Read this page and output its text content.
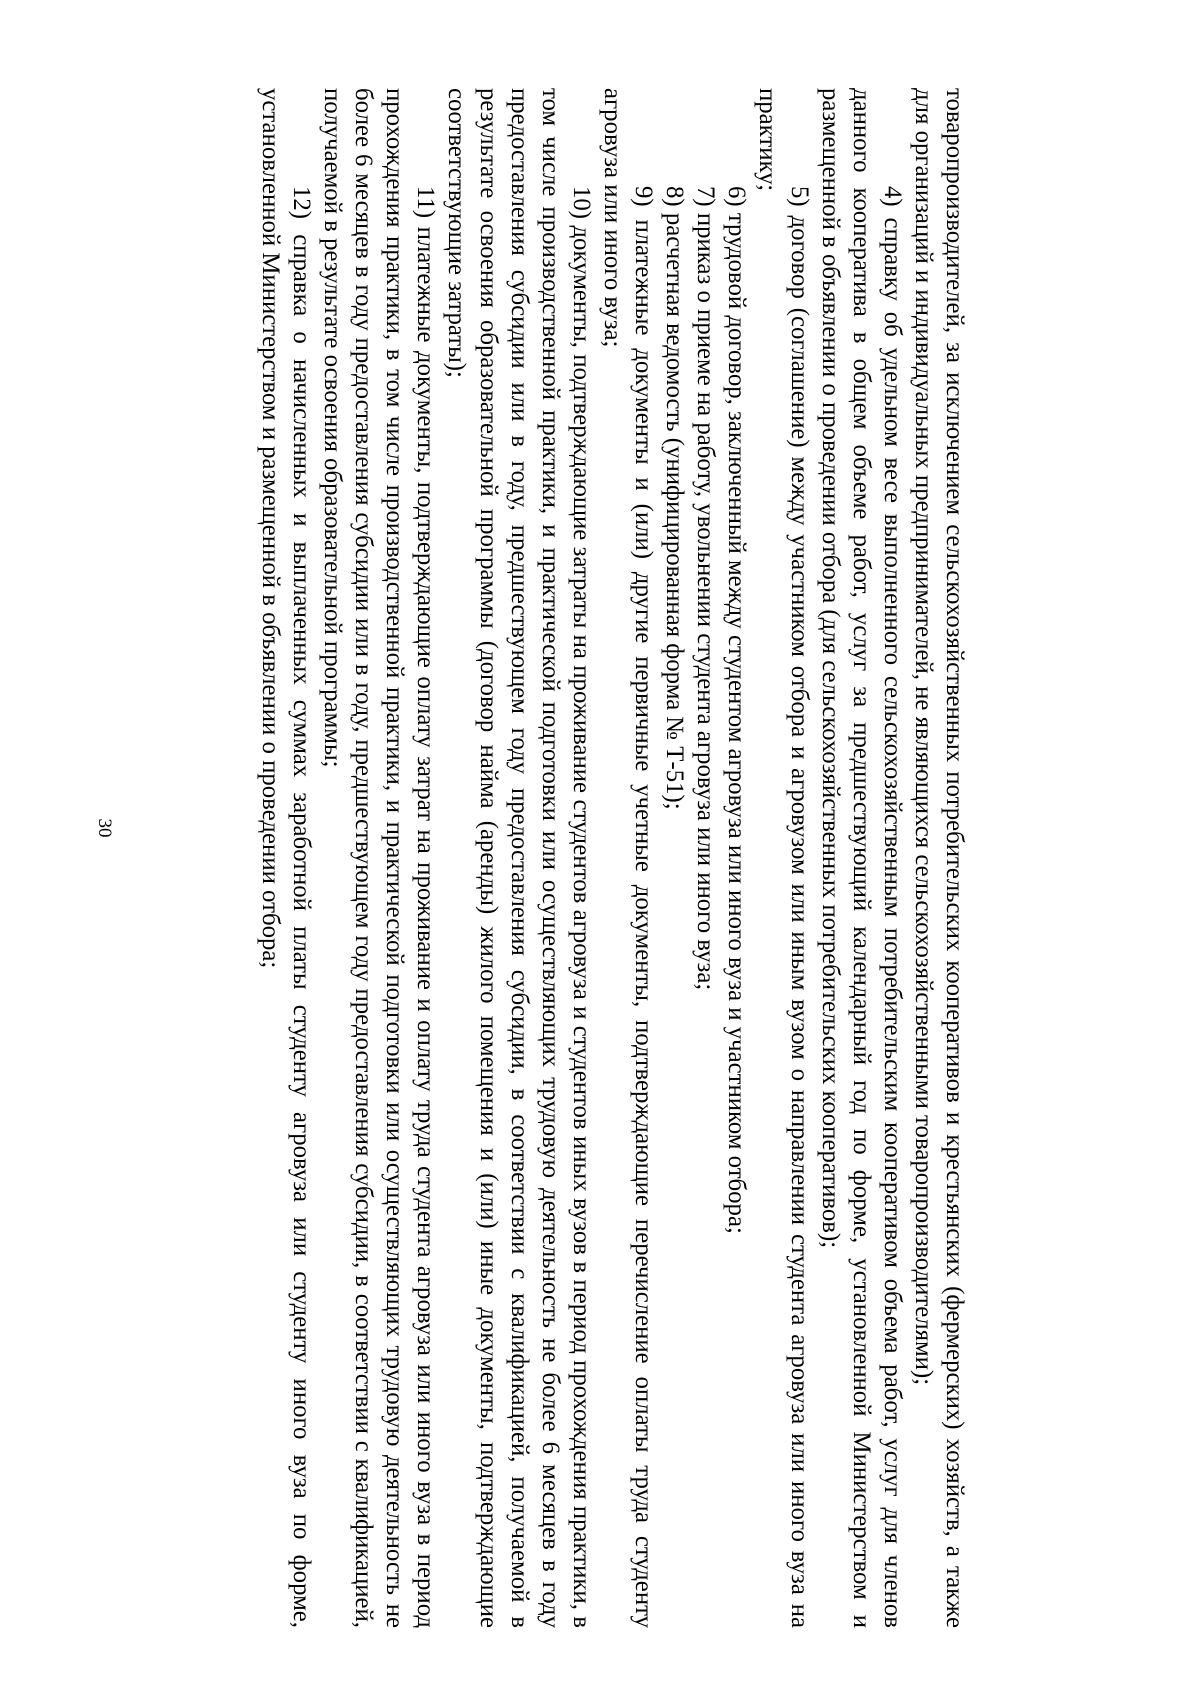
30	товаропроизводителей, за исключением сельскохозяйственных потребительских кооперативов и крестьянских (фермерских) хозяйств, а также для организаций и индивидуальных предпринимателей, не являющихся сельскохозяйственными товаропроизводителями);

4) справку об удельном весе выполненного сельскохозяйственным потребительским кооперативом объема работ, услуг для членов данного кооператива в общем объеме работ, услуг за предшествующий календарный год по форме, установленной Министерством и размещенной в объявлении о проведении отбора (для сельскохозяйственных потребительских кооперативов);

5) договор (соглашение) между участником отбора и агровузом или иным вузом о направлении студента агровуза или иного вуза на практику;

6) трудовой договор, заключенный между студентом агровуза или иного вуза и участником отбора;

7) приказ о приеме на работу, увольнении студента агровуза или иного вуза;

8) расчетная ведомость (унифицированная форма № Т-51);

9) платежные документы и (или) другие первичные учетные документы, подтверждающие перечисление оплаты труда студенту агровуза или иного вуза;

10) документы, подтверждающие затраты на проживание студентов агровуза и студентов иных вузов в период прохождения практики, в том числе производственной практики, и практической подготовки или осуществляющих трудовую деятельность не более 6 месяцев в году предоставления субсидии или в году, предшествующем году предоставления субсидии, в соответствии с квалификацией, получаемой в результате освоения образовательной программы (договор найма (аренды) жилого помещения и (или) иные документы, подтверждающие соответствующие затраты);

11) платежные документы, подтверждающие оплату затрат на проживание и оплату труда студента агровуза или иного вуза в период прохождения практики, в том числе производственной практики, и практической подготовки или осуществляющих трудовую деятельность не более 6 месяцев в году предоставления субсидии или в году, предшествующем году предоставления субсидии, в соответствии с квалификацией, получаемой в результате освоения образовательной программы;

12) справка о начисленных и выплаченных суммах заработной платы студенту агровуза или студенту иного вуза по форме, установленной Министерством и размещенной в объявлении о проведении отбора;
